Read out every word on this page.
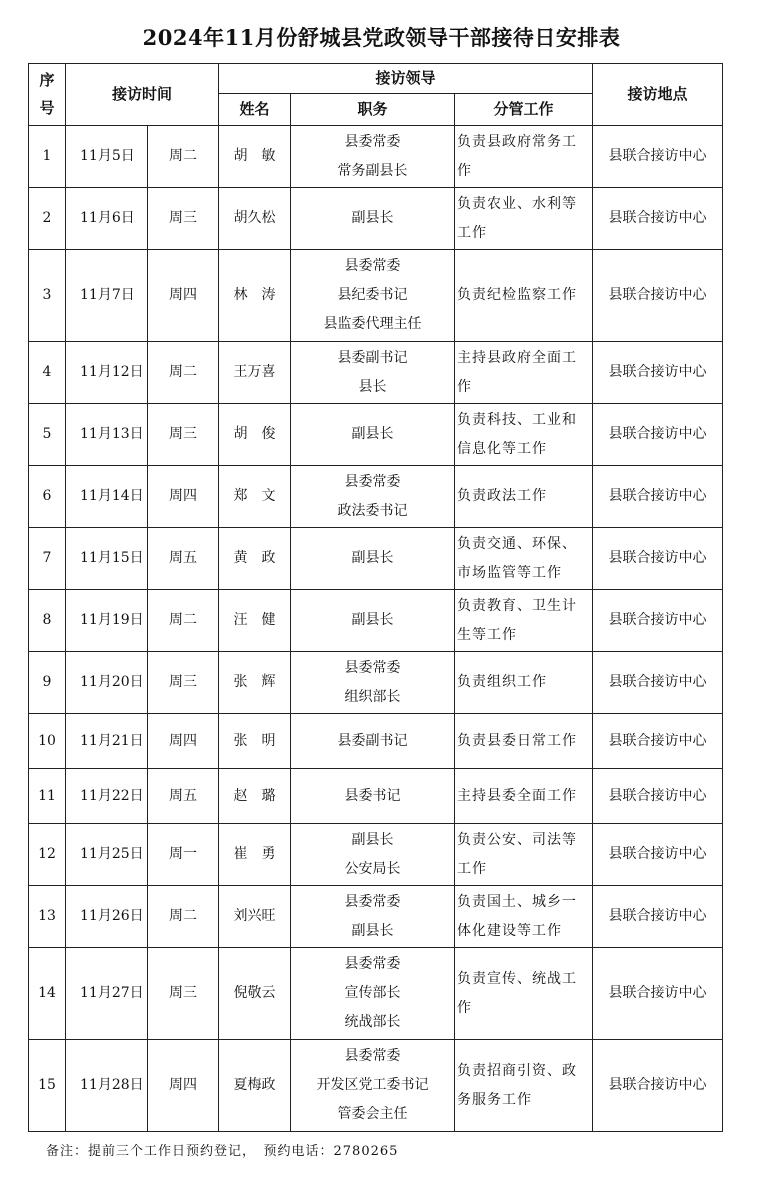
2024年11月份舒城县党政领导干部接待日安排表
序号	接访时间		接访领导			接访地点
			姓名	职务	分管工作	
1	11月5日	周二	胡　敏	县委常委
常务副县长	负责县政府常务工作	县联合接访中心
2	11月6日	周三	胡久松	副县长	负责农业、水利等工作	县联合接访中心
3	11月7日	周四	林　涛	县委常委
县纪委书记
县监委代理主任	负责纪检监察工作	县联合接访中心
4	11月12日	周二	王万喜	县委副书记
县长	主持县政府全面工作	县联合接访中心
5	11月13日	周三	胡　俊	副县长	负责科技、工业和信息化等工作	县联合接访中心
6	11月14日	周四	郑　文	县委常委
政法委书记	负责政法工作	县联合接访中心
7	11月15日	周五	黄　政	副县长	负责交通、环保、市场监管等工作	县联合接访中心
8	11月19日	周二	汪　健	副县长	负责教育、卫生计生等工作	县联合接访中心
9	11月20日	周三	张　辉	县委常委
组织部长	负责组织工作	县联合接访中心
10	11月21日	周四	张　明	县委副书记	负责县委日常工作	县联合接访中心
11	11月22日	周五	赵　璐	县委书记	主持县委全面工作	县联合接访中心
12	11月25日	周一	崔　勇	副县长
公安局长	负责公安、司法等工作	县联合接访中心
13	11月26日	周二	刘兴旺	县委常委
副县长	负责国土、城乡一体化建设等工作	县联合接访中心
14	11月27日	周三	倪敬云	县委常委
宣传部长
统战部长	负责宣传、统战工作	县联合接访中心
15	11月28日	周四	夏梅政	县委常委
开发区党工委书记
管委会主任	负责招商引资、政务服务工作	县联合接访中心
备注：提前三个工作日预约登记，　预约电话：2780265
